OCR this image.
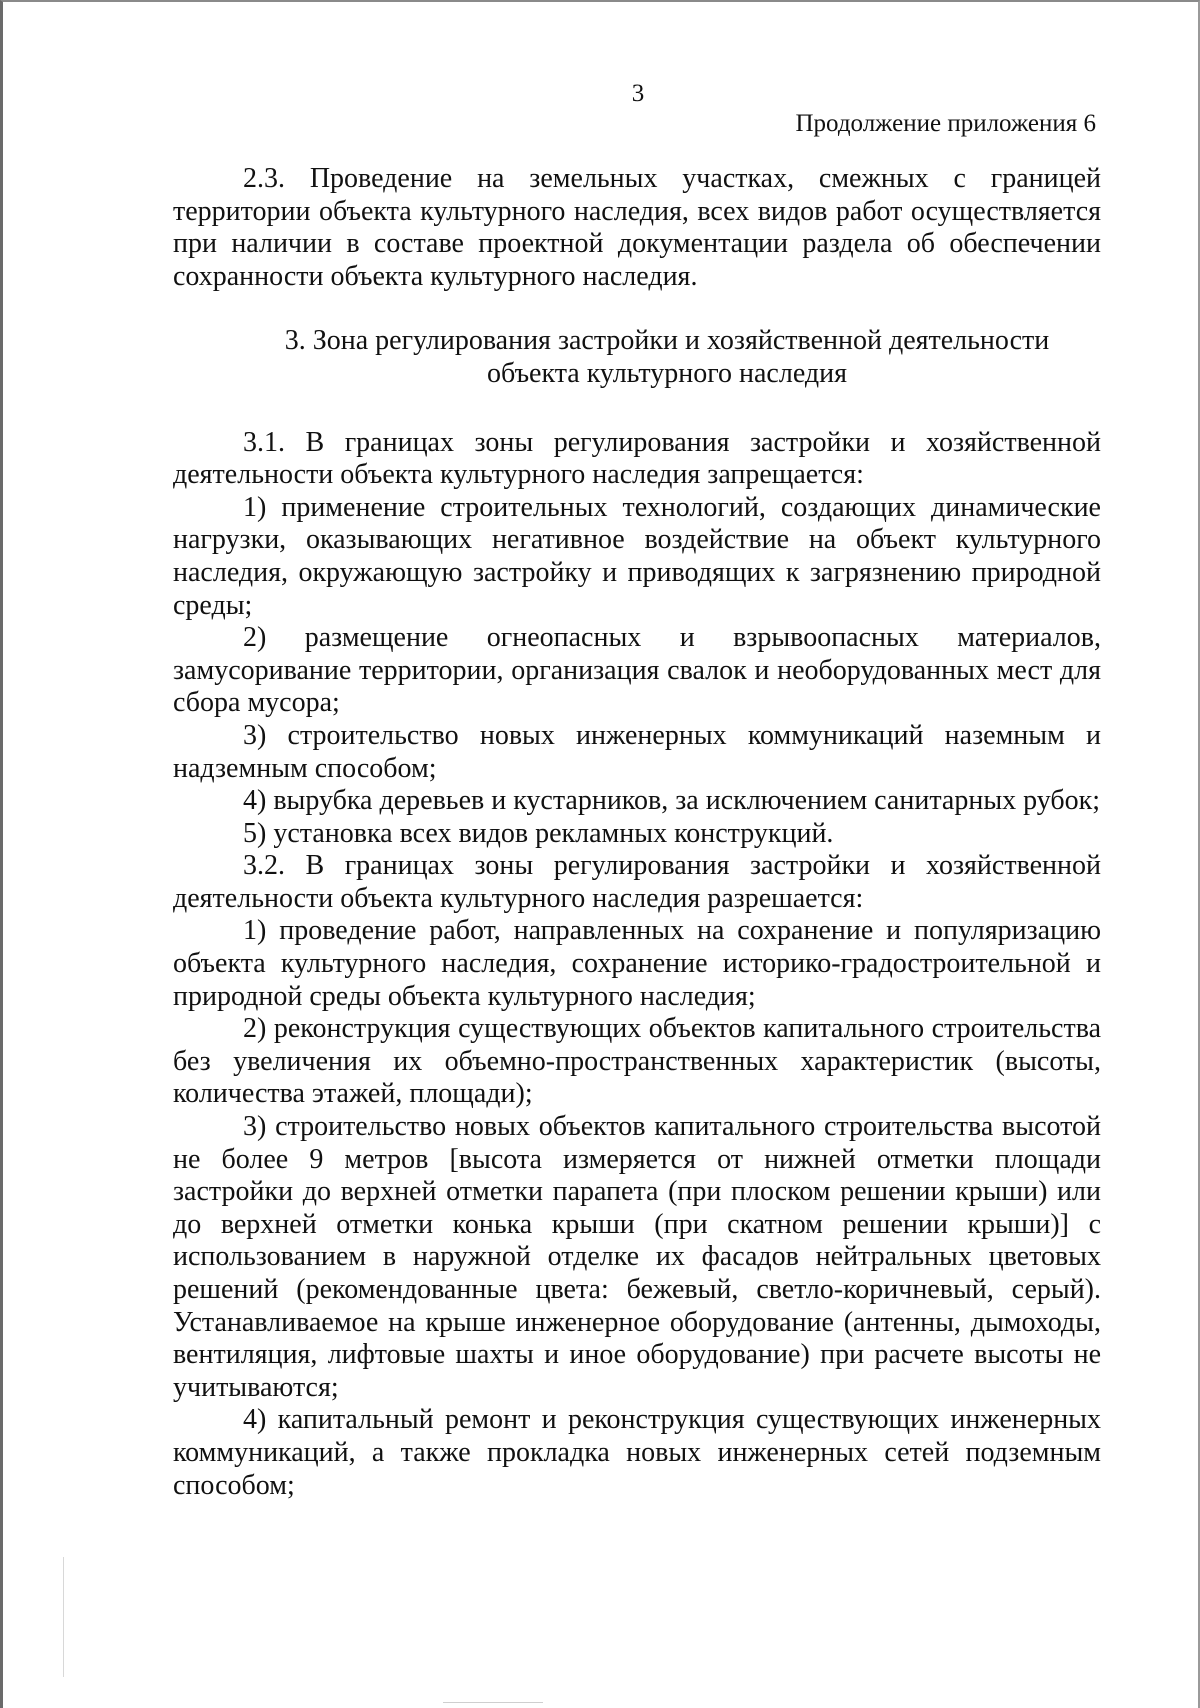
3
Продолжение приложения 6

2.3. Проведение на земельных участках, смежных с границей территории объекта культурного наследия, всех видов работ осуществляется при наличии в составе проектной документации раздела об обеспечении сохранности объекта культурного наследия.

3. Зона регулирования застройки и хозяйственной деятельности
объекта культурного наследия

3.1. В границах зоны регулирования застройки и хозяйственной деятельности объекта культурного наследия запрещается:

1) применение строительных технологий, создающих динамические нагрузки, оказывающих негативное воздействие на объект культурного наследия, окружающую застройку и приводящих к загрязнению природной среды;

2) размещение огнеопасных и взрывоопасных материалов, замусоривание территории, организация свалок и необорудованных мест для сбора мусора;

3) строительство новых инженерных коммуникаций наземным и надземным способом;

4) вырубка деревьев и кустарников, за исключением санитарных рубок;

5) установка всех видов рекламных конструкций.

3.2. В границах зоны регулирования застройки и хозяйственной деятельности объекта культурного наследия разрешается:

1) проведение работ, направленных на сохранение и популяризацию объекта культурного наследия, сохранение историко-градостроительной и природной среды объекта культурного наследия;

2) реконструкция существующих объектов капитального строительства без увеличения их объемно-пространственных характеристик (высоты, количества этажей, площади);

3) строительство новых объектов капитального строительства высотой не более 9 метров [высота измеряется от нижней отметки площади застройки до верхней отметки парапета (при плоском решении крыши) или до верхней отметки конька крыши (при скатном решении крыши)] с использованием в наружной отделке их фасадов нейтральных цветовых решений (рекомендованные цвета: бежевый, светло-коричневый, серый). Устанавливаемое на крыше инженерное оборудование (антенны, дымоходы, вентиляция, лифтовые шахты и иное оборудование) при расчете высоты не учитываются;

4) капитальный ремонт и реконструкция существующих инженерных коммуникаций, а также прокладка новых инженерных сетей подземным способом;
